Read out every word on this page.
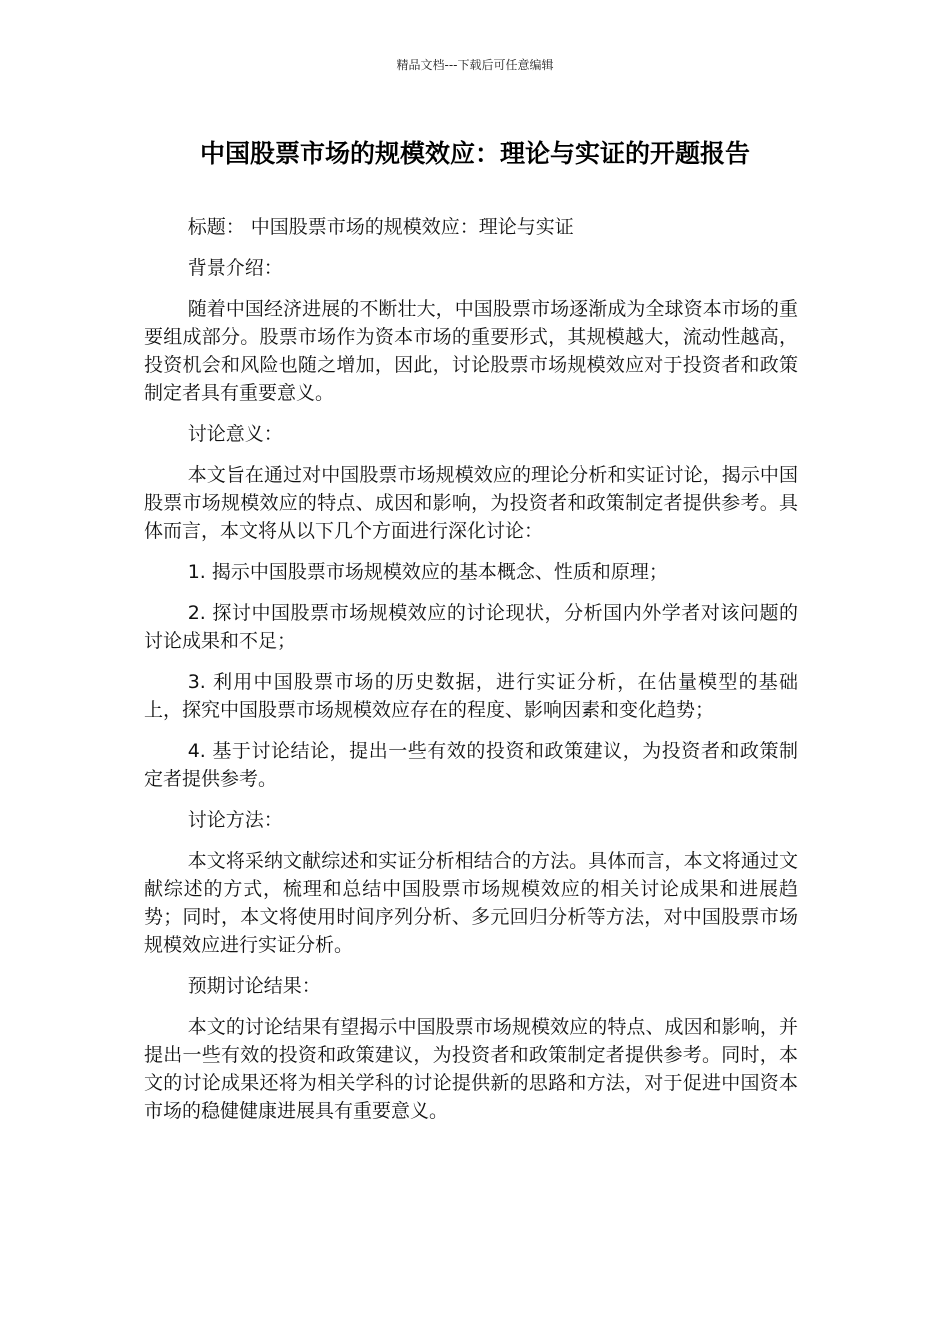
精品文档---下载后可任意编辑
中国股票市场的规模效应：理论与实证的开题报告

标题： 中国股票市场的规模效应：理论与实证

背景介绍：

随着中国经济进展的不断壮大，中国股票市场逐渐成为全球资本市场的重要组成部分。股票市场作为资本市场的重要形式，其规模越大，流动性越高，投资机会和风险也随之增加，因此，讨论股票市场规模效应对于投资者和政策制定者具有重要意义。

讨论意义：

本文旨在通过对中国股票市场规模效应的理论分析和实证讨论，揭示中国股票市场规模效应的特点、成因和影响，为投资者和政策制定者提供参考。具体而言，本文将从以下几个方面进行深化讨论：

1. 揭示中国股票市场规模效应的基本概念、性质和原理；

2. 探讨中国股票市场规模效应的讨论现状，分析国内外学者对该问题的讨论成果和不足；

3. 利用中国股票市场的历史数据，进行实证分析，在估量模型的基础上，探究中国股票市场规模效应存在的程度、影响因素和变化趋势；

4. 基于讨论结论，提出一些有效的投资和政策建议，为投资者和政策制定者提供参考。

讨论方法：

本文将采纳文献综述和实证分析相结合的方法。具体而言，本文将通过文献综述的方式，梳理和总结中国股票市场规模效应的相关讨论成果和进展趋势；同时，本文将使用时间序列分析、多元回归分析等方法，对中国股票市场规模效应进行实证分析。

预期讨论结果：

本文的讨论结果有望揭示中国股票市场规模效应的特点、成因和影响，并提出一些有效的投资和政策建议，为投资者和政策制定者提供参考。同时，本文的讨论成果还将为相关学科的讨论提供新的思路和方法，对于促进中国资本市场的稳健健康进展具有重要意义。
